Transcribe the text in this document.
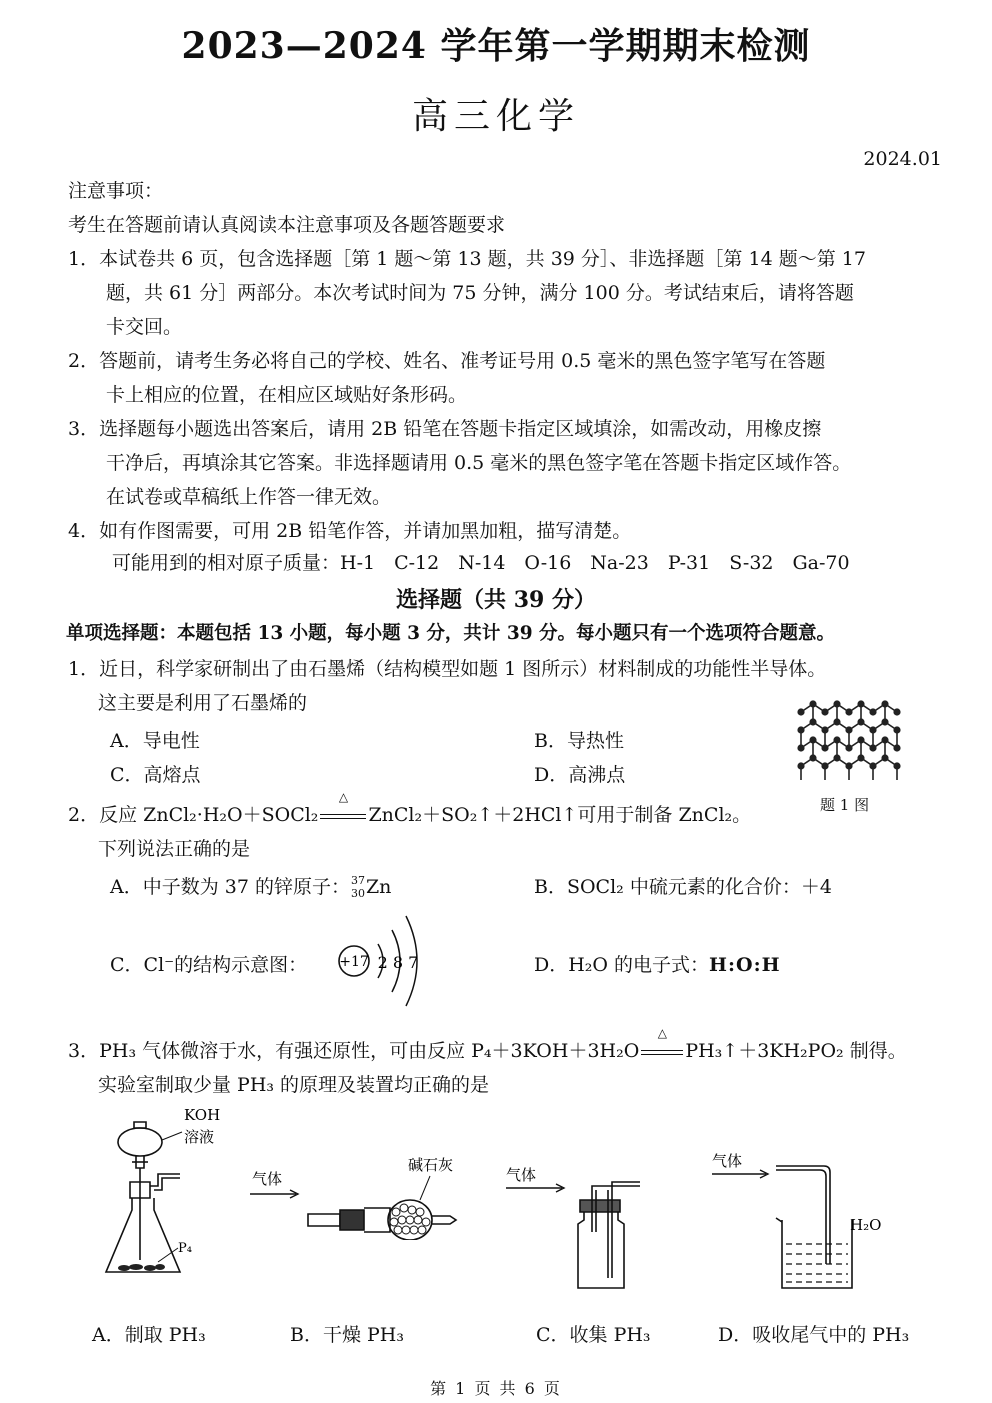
2023—2024 学年第一学期期末检测
高三化学
2024.01
注意事项：
考生在答题前请认真阅读本注意事项及各题答题要求
1．本试卷共 6 页，包含选择题［第 1 题～第 13 题，共 39 分］、非选择题［第 14 题～第 17
题，共 61 分］两部分。本次考试时间为 75 分钟，满分 100 分。考试结束后，请将答题
卡交回。
2．答题前，请考生务必将自己的学校、姓名、准考证号用 0.5 毫米的黑色签字笔写在答题
卡上相应的位置，在相应区域贴好条形码。
3．选择题每小题选出答案后，请用 2B 铅笔在答题卡指定区域填涂，如需改动，用橡皮擦
干净后，再填涂其它答案。非选择题请用 0.5 毫米的黑色签字笔在答题卡指定区域作答。
在试卷或草稿纸上作答一律无效。
4．如有作图需要，可用 2B 铅笔作答，并请加黑加粗，描写清楚。
可能用到的相对原子质量：H-1　C-12　N-14　O-16　Na-23　P-31　S-32　Ga-70
选择题（共 39 分）
单项选择题：本题包括 13 小题，每小题 3 分，共计 39 分。每小题只有一个选项符合题意。
1．近日，科学家研制出了由石墨烯（结构模型如题 1 图所示）材料制成的功能性半导体。
这主要是利用了石墨烯的
A．导电性	B．导热性
C．高熔点	D．高沸点
题 1 图
2．反应 ZnCl₂·H₂O＋SOCl₂
△
ZnCl₂＋SO₂↑＋2HCl↑可用于制备 ZnCl₂。
下列说法正确的是
A．中子数为 37 的锌原子： 37
30 Zn	B．SOCl₂ 中硫元素的化合价：＋4
C．Cl⁻的结构示意图： +17 2 8 7	D．H₂O 的电子式：H:O:H
3．PH₃ 气体微溶于水，有强还原性，可由反应 P₄＋3KOH＋3H₂O
△
PH₃↑＋3KH₂PO₂ 制得。
实验室制取少量 PH₃ 的原理及装置均正确的是
KOH
溶液
P₄
气体
碱石灰
气体
气体
H₂O
A．制取 PH₃	B．干燥 PH₃	C．收集 PH₃	D．吸收尾气中的 PH₃
第 1 页 共 6 页
